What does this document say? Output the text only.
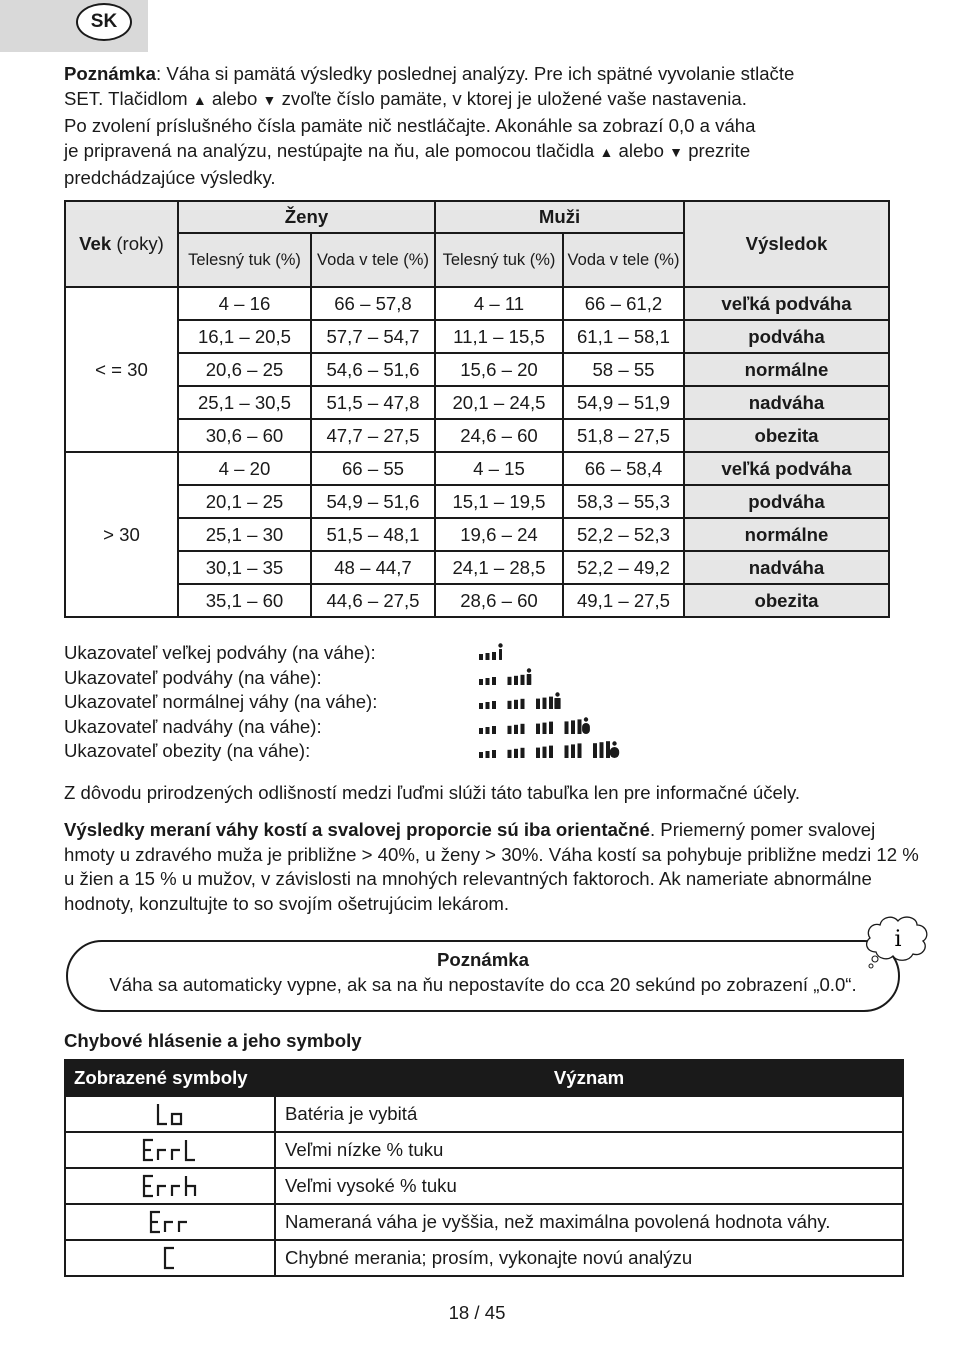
SK

Poznámka: Váha si pamätá výsledky poslednej analýzy. Pre ich spätné vyvolanie stlačte

SET. Tlačidlom ▲ alebo ▼ zvoľte číslo pamäte, v ktorej je uložené vaše nastavenia.

Po zvolení príslušného čísla pamäte nič nestláčajte. Akonáhle sa zobrazí 0,0 a váha

je pripravená na analýzu, nestúpajte na ňu, ale pomocou tlačidla ▲ alebo ▼ prezrite

predchádzajúce výsledky.

Vek (roky)	Ženy		Muži		Výsledok
	Telesný tuk (%)	Voda v tele (%)	Telesný tuk (%)	Voda v tele (%)	
< = 30	4 – 16	66 – 57,8	4 – 11	66 – 61,2	veľká podváha
	16,1 – 20,5	57,7 – 54,7	11,1 – 15,5	61,1 – 58,1	podváha
	20,6 – 25	54,6 – 51,6	15,6 – 20	58 – 55	normálne
	25,1 – 30,5	51,5 – 47,8	20,1 – 24,5	54,9 – 51,9	nadváha
	30,6 – 60	47,7 – 27,5	24,6 – 60	51,8 – 27,5	obezita
> 30	4 – 20	66 – 55	4 – 15	66 – 58,4	veľká podváha
	20,1 – 25	54,9 – 51,6	15,1 – 19,5	58,3 – 55,3	podváha
	25,1 – 30	51,5 – 48,1	19,6 – 24	52,2 – 52,3	normálne
	30,1 – 35	48 – 44,7	24,1 – 28,5	52,2 – 49,2	nadváha
	35,1 – 60	44,6 – 27,5	28,6 – 60	49,1 – 27,5	obezita
Ukazovateľ veľkej podváhy (na váhe):
Ukazovateľ podváhy (na váhe):
Ukazovateľ normálnej váhy (na váhe):
Ukazovateľ nadváhy (na váhe):
Ukazovateľ obezity (na váhe):

Z dôvodu prirodzených odlišností medzi ľuďmi slúži táto tabuľka len pre informačné účely.

Výsledky meraní váhy kostí a svalovej proporcie sú iba orientačné. Priemerný pomer svalovej hmoty u zdravého muža je približne > 40%, u ženy > 30%. Váha kostí sa pohybuje približne medzi 12 % u žien a 15 % u mužov, v závislosti na mnohých relevantných faktoroch. Ak nameriate abnormálne hodnoty, konzultujte to so svojím ošetrujúcim lekárom.

Poznámka
Váha sa automaticky vypne, ak sa na ňu nepostavíte do cca 20 sekúnd po zobrazení „0.0“.
i

Chybové hlásenie a jeho symboly

Zobrazené symboly	Význam

	Batéria je vybitá

	Veľmi nízke % tuku

	Veľmi vysoké % tuku

	Nameraná váha je vyššia, než maximálna povolená hodnota váhy.

	Chybné merania; prosím, vykonajte novú analýzu
18 / 45
